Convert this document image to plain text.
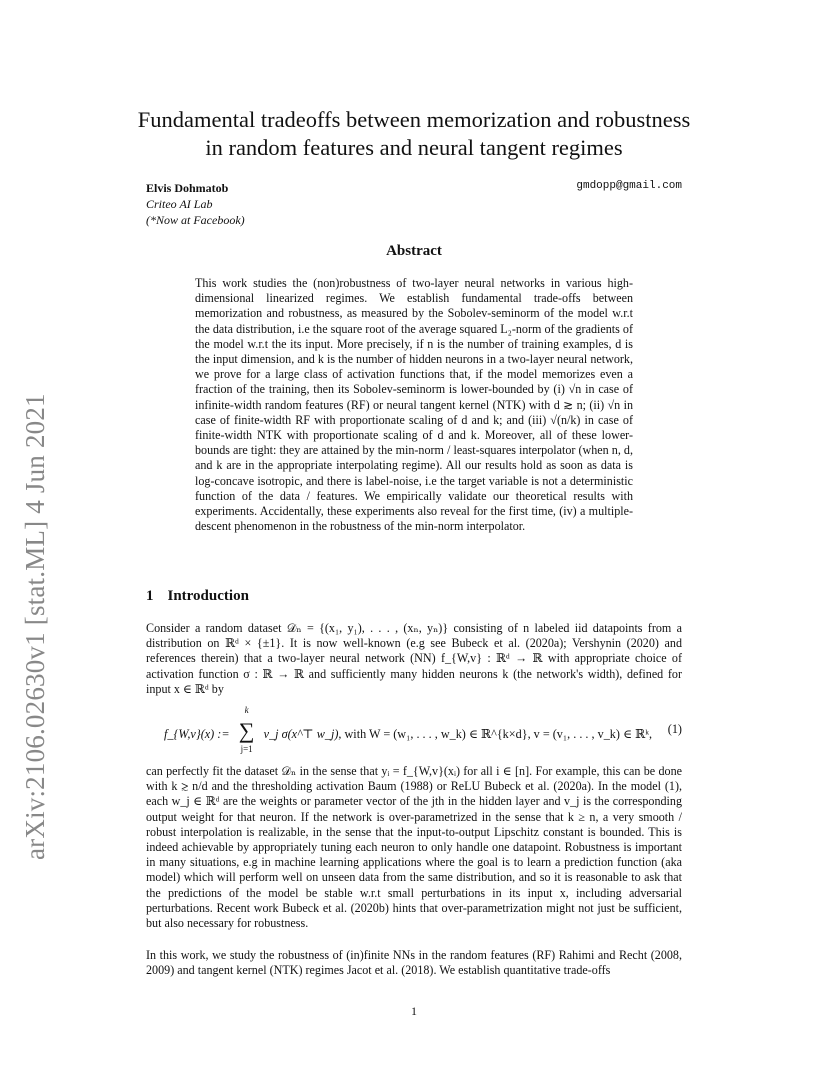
arXiv:2106.02630v1 [stat.ML] 4 Jun 2021
Fundamental tradeoffs between memorization and robustness in random features and neural tangent regimes
Elvis Dohmatob
Criteo AI Lab
(*Now at Facebook)
gmdopp@gmail.com
Abstract

This work studies the (non)robustness of two-layer neural networks in various high-dimensional linearized regimes. We establish fundamental trade-offs between memorization and robustness, as measured by the Sobolev-seminorm of the model w.r.t the data distribution, i.e the square root of the average squared L₂-norm of the gradients of the model w.r.t the its input. More precisely, if n is the number of training examples, d is the input dimension, and k is the number of hidden neurons in a two-layer neural network, we prove for a large class of activation functions that, if the model memorizes even a fraction of the training, then its Sobolev-seminorm is lower-bounded by (i) √n in case of infinite-width random features (RF) or neural tangent kernel (NTK) with d ≳ n; (ii) √n in case of finite-width RF with proportionate scaling of d and k; and (iii) √(n/k) in case of finite-width NTK with proportionate scaling of d and k. Moreover, all of these lower-bounds are tight: they are attained by the min-norm / least-squares interpolator (when n, d, and k are in the appropriate interpolating regime). All our results hold as soon as data is log-concave isotropic, and there is label-noise, i.e the target variable is not a deterministic function of the data / features. We empirically validate our theoretical results with experiments. Accidentally, these experiments also reveal for the first time, (iv) a multiple-descent phenomenon in the robustness of the min-norm interpolator.

1 Introduction

Consider a random dataset 𝒟ₙ = {(x₁, y₁), . . . , (xₙ, yₙ)} consisting of n labeled iid datapoints from a distribution on ℝᵈ × {±1}. It is now well-known (e.g see Bubeck et al. (2020a); Vershynin (2020) and references therein) that a two-layer neural network (NN) f_{W,v} : ℝᵈ → ℝ with appropriate choice of activation function σ : ℝ → ℝ and sufficiently many hidden neurons k (the network's width), defined for input x ∈ ℝᵈ by

f_{W,v}(x) :=
k
∑
j=1
v_j σ(x^⊤ w_j), with W = (w₁, . . . , w_k) ∈ ℝ^{k×d}, v = (v₁, . . . , v_k) ∈ ℝᵏ, (1)

can perfectly fit the dataset 𝒟ₙ in the sense that yᵢ = f_{W,v}(xᵢ) for all i ∈ [n]. For example, this can be done with k ≳ n/d and the thresholding activation Baum (1988) or ReLU Bubeck et al. (2020a). In the model (1), each w_j ∈ ℝᵈ are the weights or parameter vector of the jth in the hidden layer and v_j is the corresponding output weight for that neuron. If the network is over-parametrized in the sense that k ≥ n, a very smooth / robust interpolation is realizable, in the sense that the input-to-output Lipschitz constant is bounded. This is indeed achievable by appropriately tuning each neuron to only handle one datapoint. Robustness is important in many situations, e.g in machine learning applications where the goal is to learn a prediction function (aka model) which will perform well on unseen data from the same distribution, and so it is reasonable to ask that the predictions of the model be stable w.r.t small perturbations in its input x, including adversarial perturbations. Recent work Bubeck et al. (2020b) hints that over-parametrization might not just be sufficient, but also necessary for robustness.

In this work, we study the robustness of (in)finite NNs in the random features (RF) Rahimi and Recht (2008, 2009) and tangent kernel (NTK) regimes Jacot et al. (2018). We establish quantitative trade-offs

1
